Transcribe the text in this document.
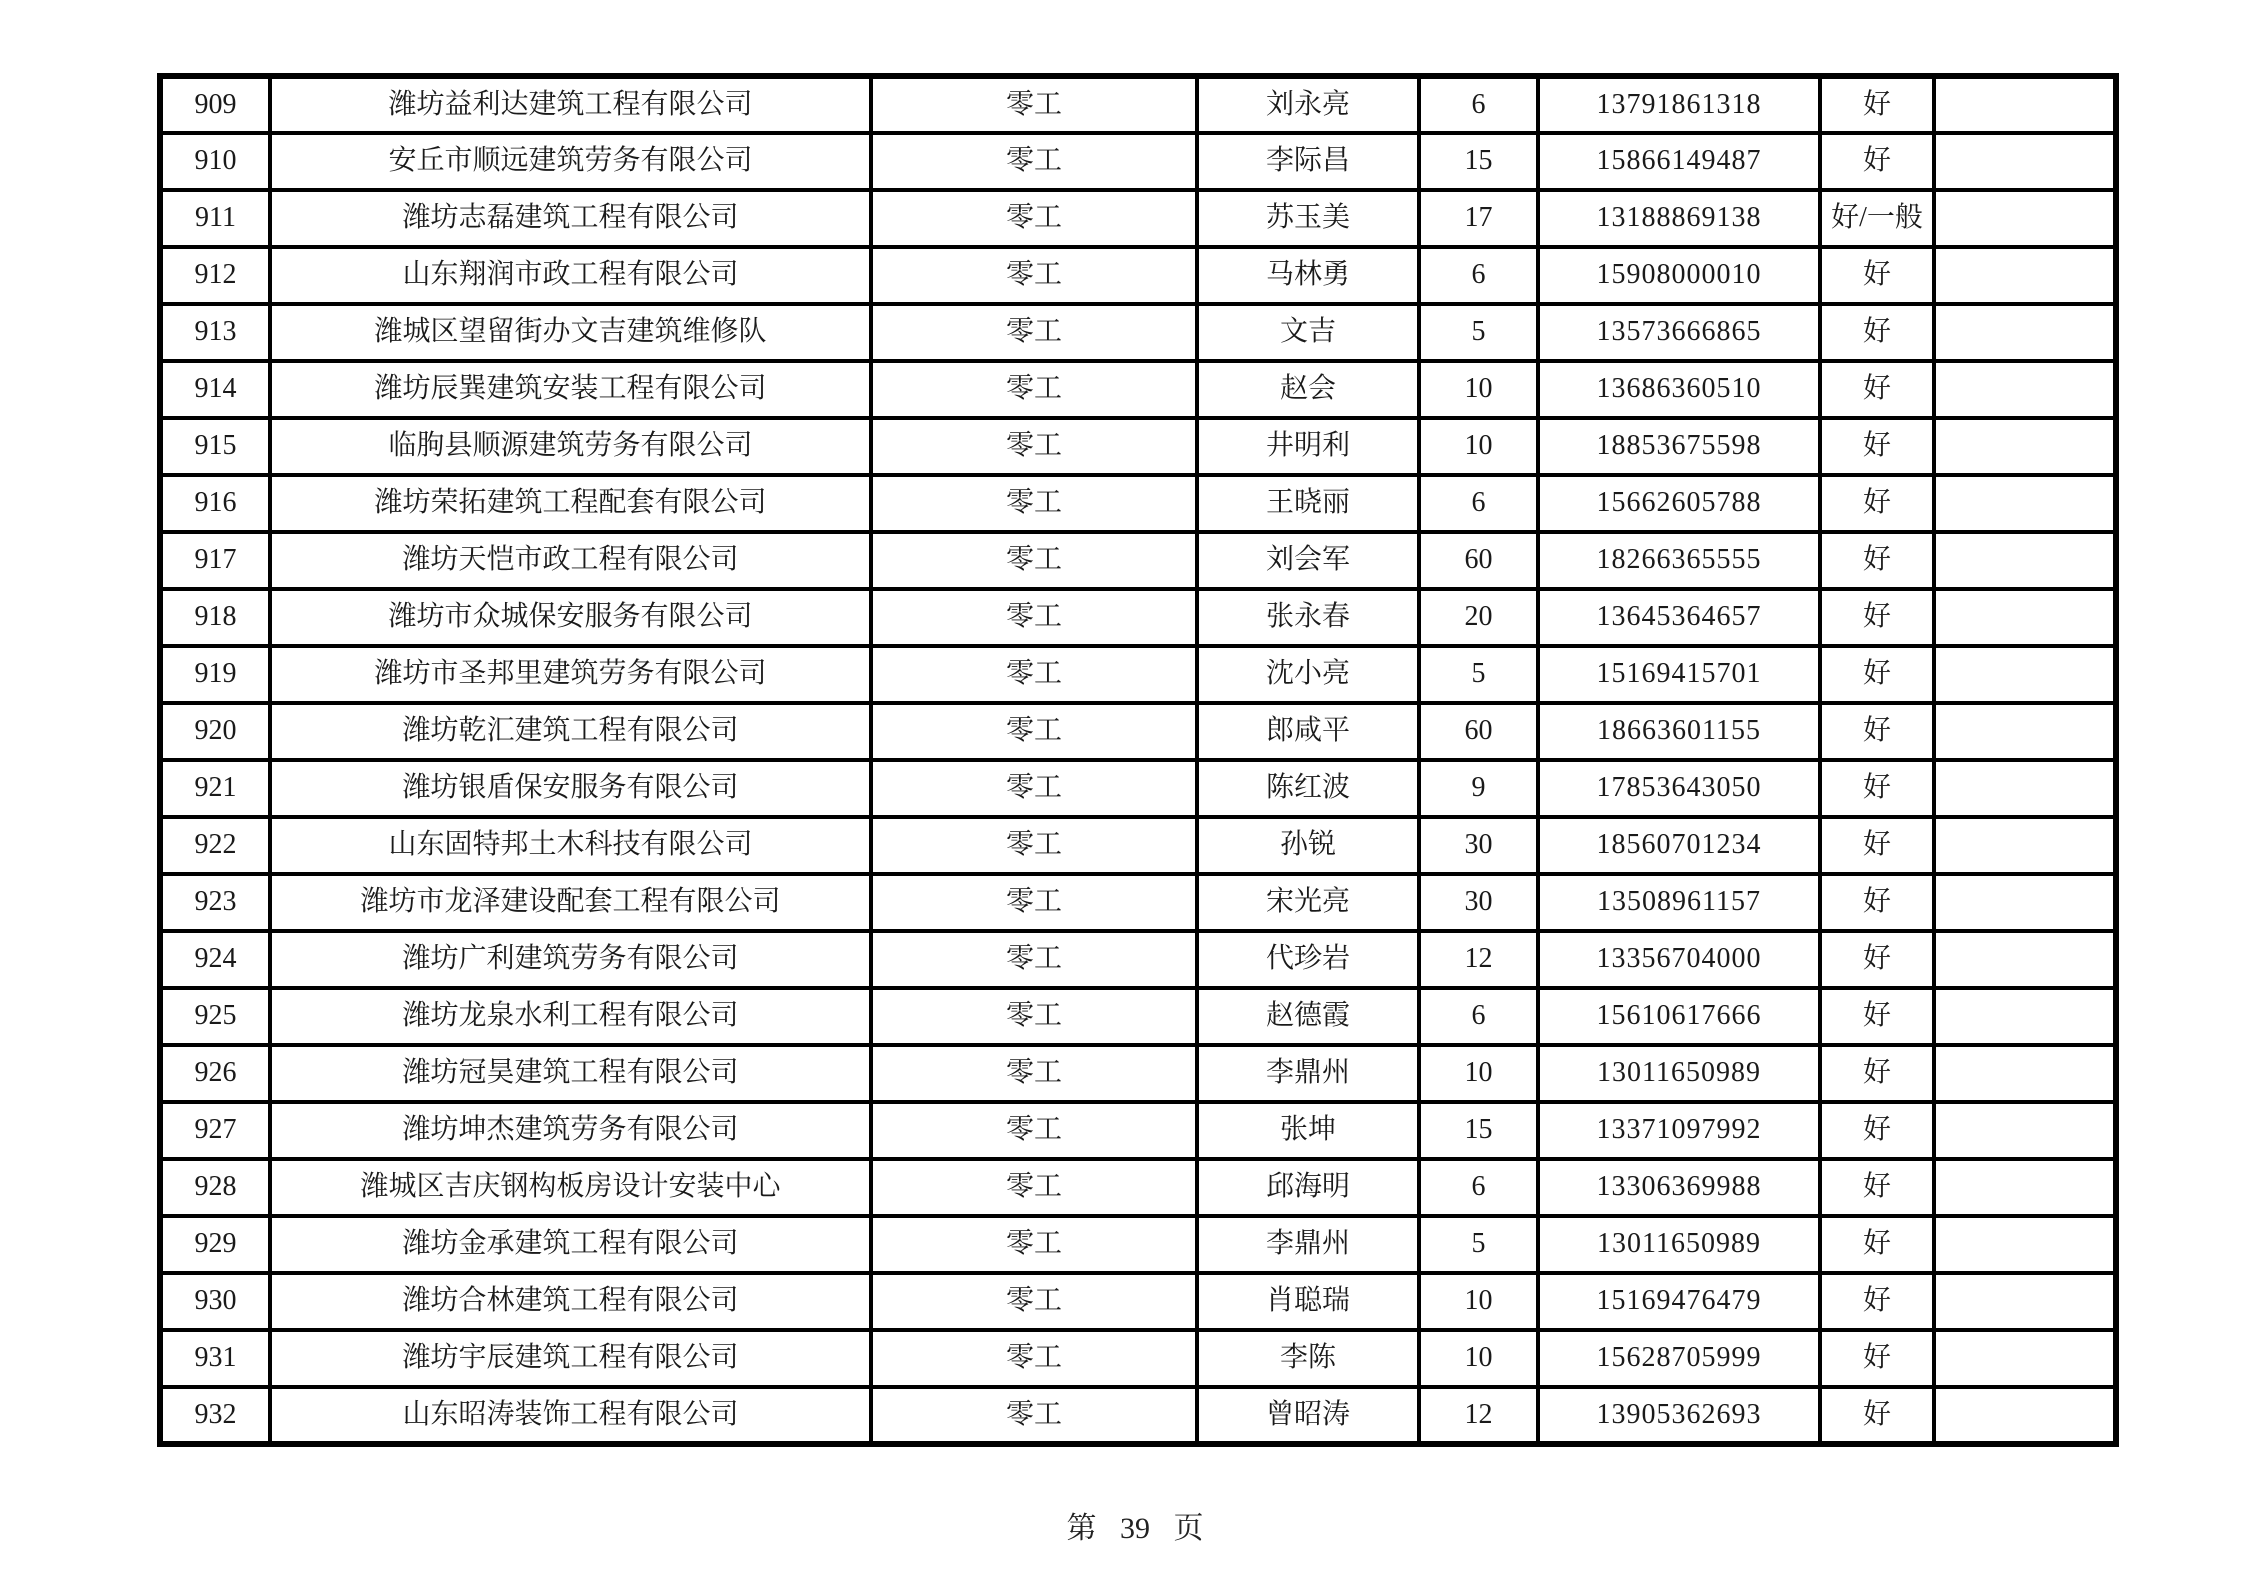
909	潍坊益利达建筑工程有限公司	零工	刘永亮	6	13791861318	好	
910	安丘市顺远建筑劳务有限公司	零工	李际昌	15	15866149487	好	
911	潍坊志磊建筑工程有限公司	零工	苏玉美	17	13188869138	好/一般	
912	山东翔润市政工程有限公司	零工	马林勇	6	15908000010	好	
913	潍城区望留街办文吉建筑维修队	零工	文吉	5	13573666865	好	
914	潍坊辰巽建筑安装工程有限公司	零工	赵会	10	13686360510	好	
915	临朐县顺源建筑劳务有限公司	零工	井明利	10	18853675598	好	
916	潍坊荣拓建筑工程配套有限公司	零工	王晓丽	6	15662605788	好	
917	潍坊天恺市政工程有限公司	零工	刘会军	60	18266365555	好	
918	潍坊市众城保安服务有限公司	零工	张永春	20	13645364657	好	
919	潍坊市圣邦里建筑劳务有限公司	零工	沈小亮	5	15169415701	好	
920	潍坊乾汇建筑工程有限公司	零工	郎咸平	60	18663601155	好	
921	潍坊银盾保安服务有限公司	零工	陈红波	9	17853643050	好	
922	山东固特邦土木科技有限公司	零工	孙锐	30	18560701234	好	
923	潍坊市龙泽建设配套工程有限公司	零工	宋光亮	30	13508961157	好	
924	潍坊广利建筑劳务有限公司	零工	代珍岩	12	13356704000	好	
925	潍坊龙泉水利工程有限公司	零工	赵德霞	6	15610617666	好	
926	潍坊冠昊建筑工程有限公司	零工	李鼎州	10	13011650989	好	
927	潍坊坤杰建筑劳务有限公司	零工	张坤	15	13371097992	好	
928	潍城区吉庆钢构板房设计安装中心	零工	邱海明	6	13306369988	好	
929	潍坊金承建筑工程有限公司	零工	李鼎州	5	13011650989	好	
930	潍坊合林建筑工程有限公司	零工	肖聪瑞	10	15169476479	好	
931	潍坊宇辰建筑工程有限公司	零工	李陈	10	15628705999	好	
932	山东昭涛装饰工程有限公司	零工	曾昭涛	12	13905362693	好	
第 39 页
